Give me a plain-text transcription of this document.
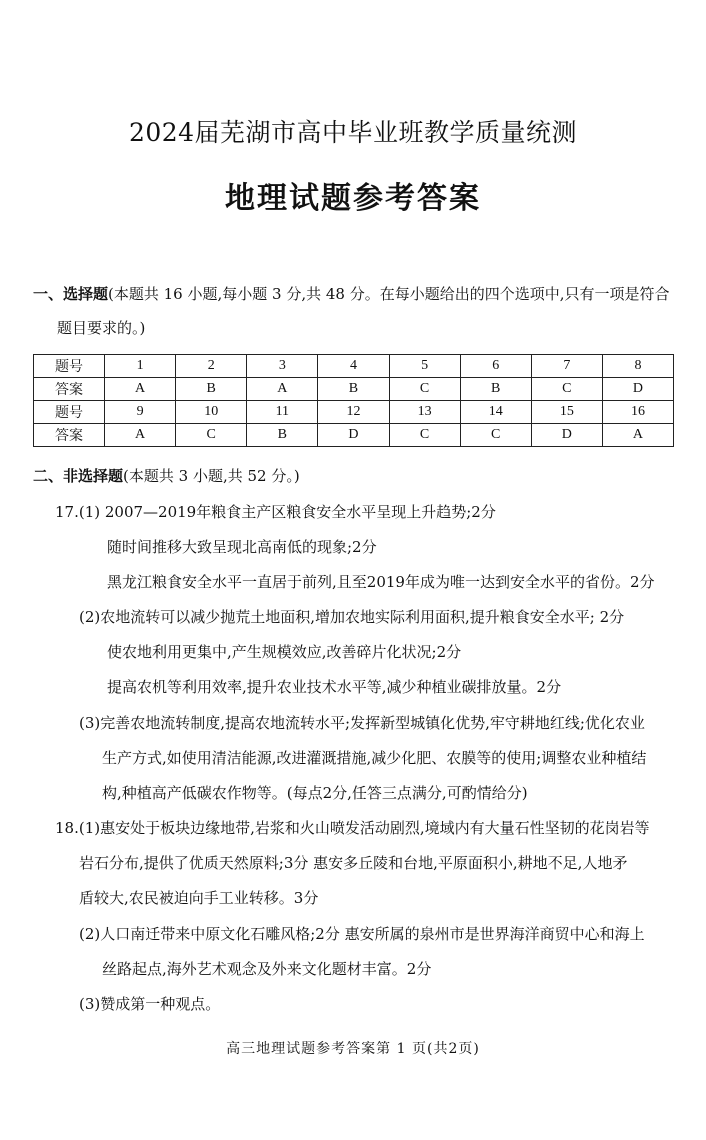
2024届芜湖市高中毕业班教学质量统测
地理试题参考答案
一、选择题(本题共 16 小题,每小题 3 分,共 48 分。在每小题给出的四个选项中,只有一项是符合
题目要求的。)
题号	1	2	3	4	5	6	7	8
答案	A	B	A	B	C	B	C	D
题号	9	10	11	12	13	14	15	16
答案	A	C	B	D	C	C	D	A
二、非选择题(本题共 3 小题,共 52 分。)
17.(1) 2007—2019年粮食主产区粮食安全水平呈现上升趋势;2分
随时间推移大致呈现北高南低的现象;2分
黑龙江粮食安全水平一直居于前列,且至2019年成为唯一达到安全水平的省份。2分
(2)农地流转可以减少抛荒土地面积,增加农地实际利用面积,提升粮食安全水平; 2分
使农地利用更集中,产生规模效应,改善碎片化状况;2分
提高农机等利用效率,提升农业技术水平等,减少种植业碳排放量。2分
(3)完善农地流转制度,提高农地流转水平;发挥新型城镇化优势,牢守耕地红线;优化农业
生产方式,如使用清洁能源,改进灌溉措施,减少化肥、农膜等的使用;调整农业种植结
构,种植高产低碳农作物等。(每点2分,任答三点满分,可酌情给分)
18.(1)惠安处于板块边缘地带,岩浆和火山喷发活动剧烈,境域内有大量石性坚韧的花岗岩等
岩石分布,提供了优质天然原料;3分 惠安多丘陵和台地,平原面积小,耕地不足,人地矛
盾较大,农民被迫向手工业转移。3分
(2)人口南迁带来中原文化石雕风格;2分 惠安所属的泉州市是世界海洋商贸中心和海上
丝路起点,海外艺术观念及外来文化题材丰富。2分
(3)赞成第一种观点。
高三地理试题参考答案第 1 页(共2页)
